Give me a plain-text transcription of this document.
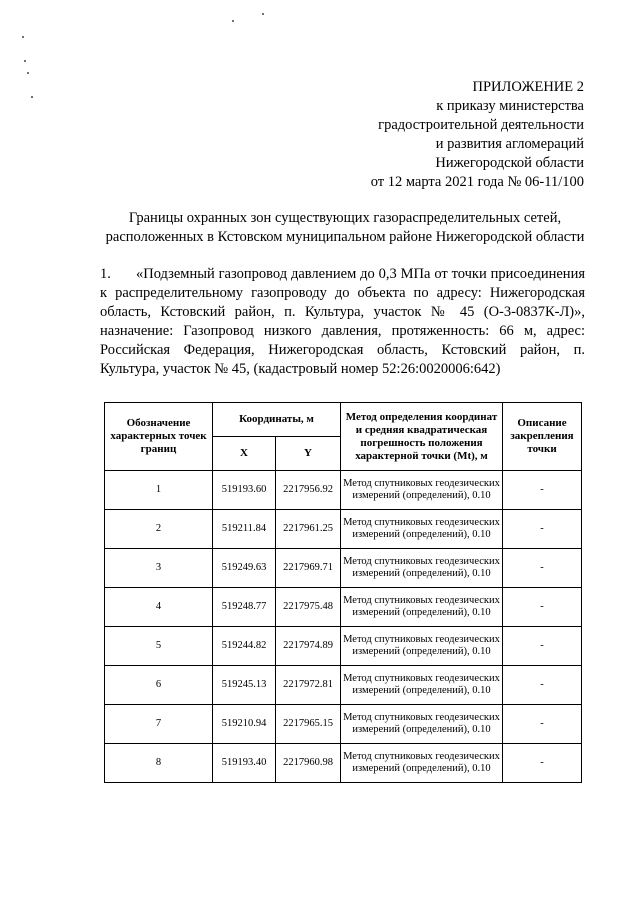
ПРИЛОЖЕНИЕ 2
к приказу министерства
градостроительной деятельности
и развития агломераций
Нижегородской области
от 12 марта 2021 года № 06-11/100
Границы охранных зон существующих газораспределительных сетей,
расположенных в Кстовском муниципальном районе Нижегородской области
1. «Подземный газопровод давлением до 0,3 МПа от точки присоединения к распределительному газопроводу до объекта по адресу: Нижегородская область, Кстовский район, п. Культура, участок № 45 (О-3-0837К-Л)», назначение: Газопровод низкого давления, протяженность: 66 м, адрес: Российская Федерация, Нижегородская область, Кстовский район, п. Культура, участок № 45, (кадастровый номер 52:26:0020006:642)
Обозначение характерных точек границ	Координаты, м		Метод определения координат и средняя квадратическая погрешность положения характерной точки (Мt), м	Описание закрепления точки
	X	Y		
1	519193.60	2217956.92	Метод спутниковых геодезических измерений (определений), 0.10	-
2	519211.84	2217961.25	Метод спутниковых геодезических измерений (определений), 0.10	-
3	519249.63	2217969.71	Метод спутниковых геодезических измерений (определений), 0.10	-
4	519248.77	2217975.48	Метод спутниковых геодезических измерений (определений), 0.10	-
5	519244.82	2217974.89	Метод спутниковых геодезических измерений (определений), 0.10	-
6	519245.13	2217972.81	Метод спутниковых геодезических измерений (определений), 0.10	-
7	519210.94	2217965.15	Метод спутниковых геодезических измерений (определений), 0.10	-
8	519193.40	2217960.98	Метод спутниковых геодезических измерений (определений), 0.10	-
